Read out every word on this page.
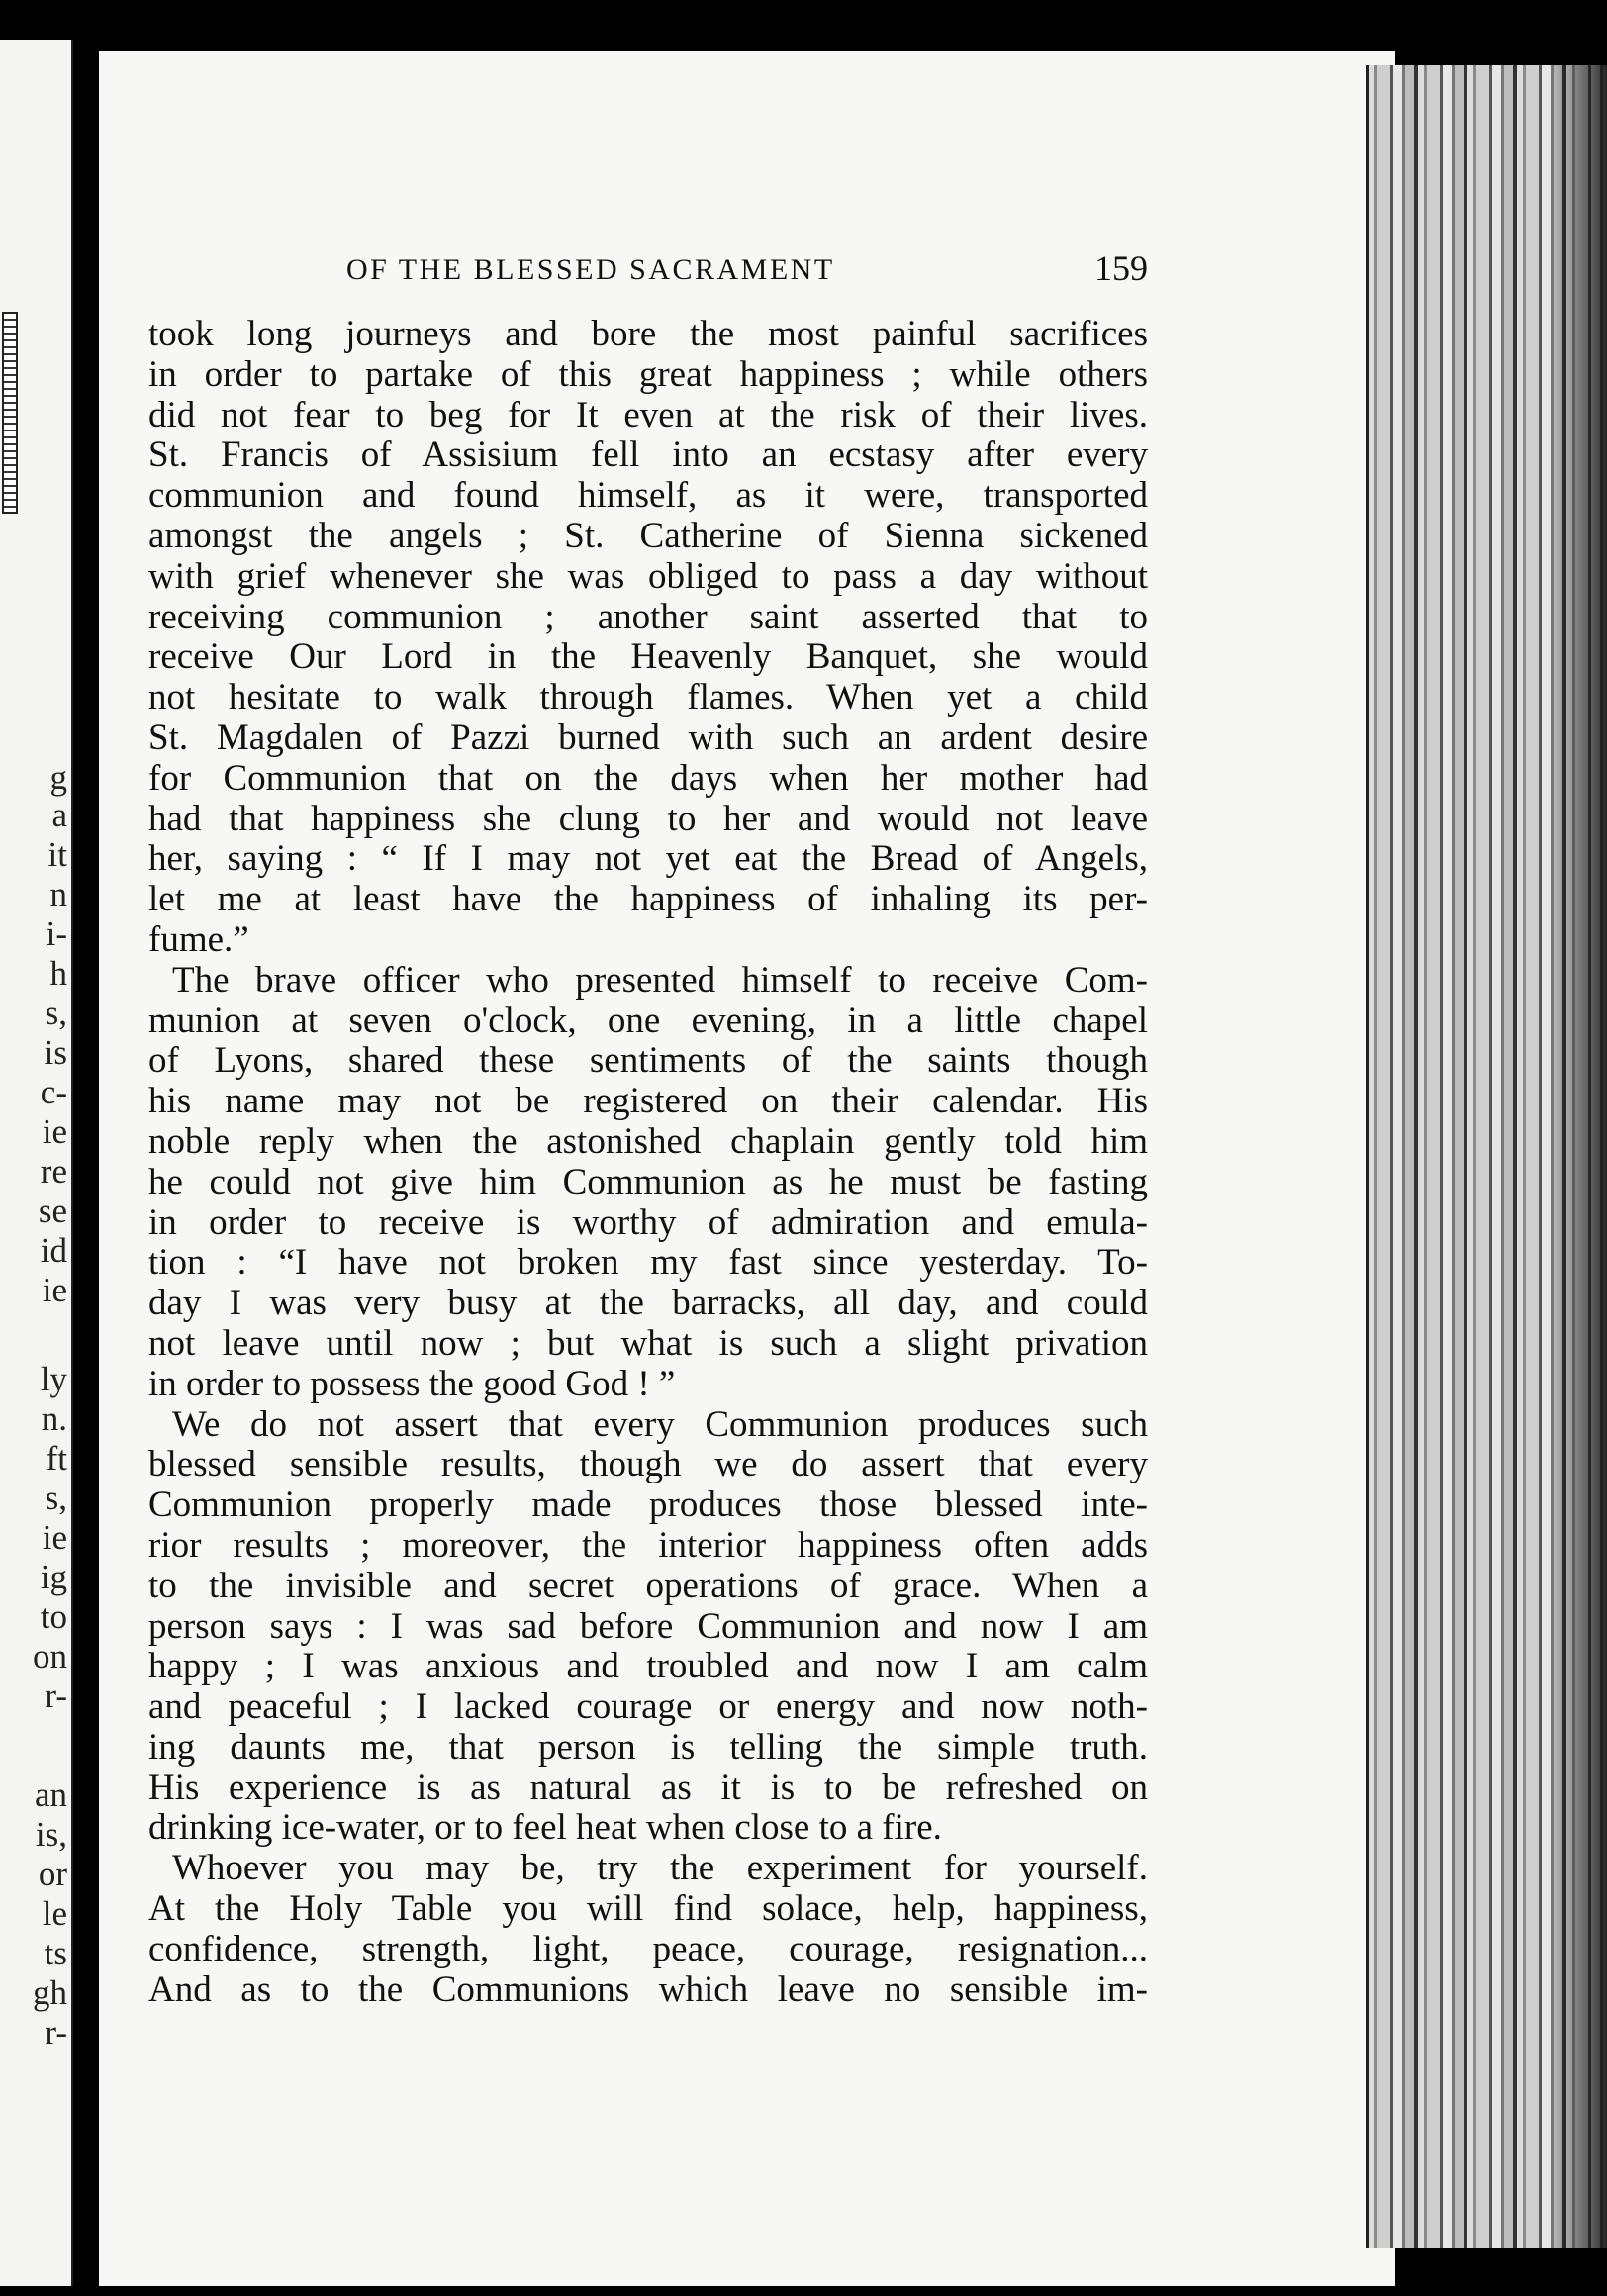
g
a
it
n
i-
h
s,
is
c-
ie
re
se
id
ie
ly
n.
ft
s,
ie
ig
to
on
r-
an
is,
or
le
ts
gh
r-
OF THE BLESSED SACRAMENT	159
took long journeys and bore the most painful sacrifices
in order to partake of this great happiness ; while others
did not fear to beg for It even at the risk of their lives.
St. Francis of Assisium fell into an ecstasy after every
communion and found himself, as it were, transported
amongst the angels ; St. Catherine of Sienna sickened
with grief whenever she was obliged to pass a day without
receiving communion ; another saint asserted that to
receive Our Lord in the Heavenly Banquet, she would
not hesitate to walk through flames. When yet a child
St. Magdalen of Pazzi burned with such an ardent desire
for Communion that on the days when her mother had
had that happiness she clung to her and would not leave
her, saying : “ If I may not yet eat the Bread of Angels,
let me at least have the happiness of inhaling its per-
fume.”
The brave officer who presented himself to receive Com-
munion at seven o'clock, one evening, in a little chapel
of Lyons, shared these sentiments of the saints though
his name may not be registered on their calendar. His
noble reply when the astonished chaplain gently told him
he could not give him Communion as he must be fasting
in order to receive is worthy of admiration and emula-
tion : “I have not broken my fast since yesterday. To-
day I was very busy at the barracks, all day, and could
not leave until now ; but what is such a slight privation
in order to possess the good God ! ”
We do not assert that every Communion produces such
blessed sensible results, though we do assert that every
Communion properly made produces those blessed inte-
rior results ; moreover, the interior happiness often adds
to the invisible and secret operations of grace. When a
person says : I was sad before Communion and now I am
happy ; I was anxious and troubled and now I am calm
and peaceful ; I lacked courage or energy and now noth-
ing daunts me, that person is telling the simple truth.
His experience is as natural as it is to be refreshed on
drinking ice-water, or to feel heat when close to a fire.
Whoever you may be, try the experiment for yourself.
At the Holy Table you will find solace, help, happiness,
confidence, strength, light, peace, courage, resignation...
And as to the Communions which leave no sensible im-
